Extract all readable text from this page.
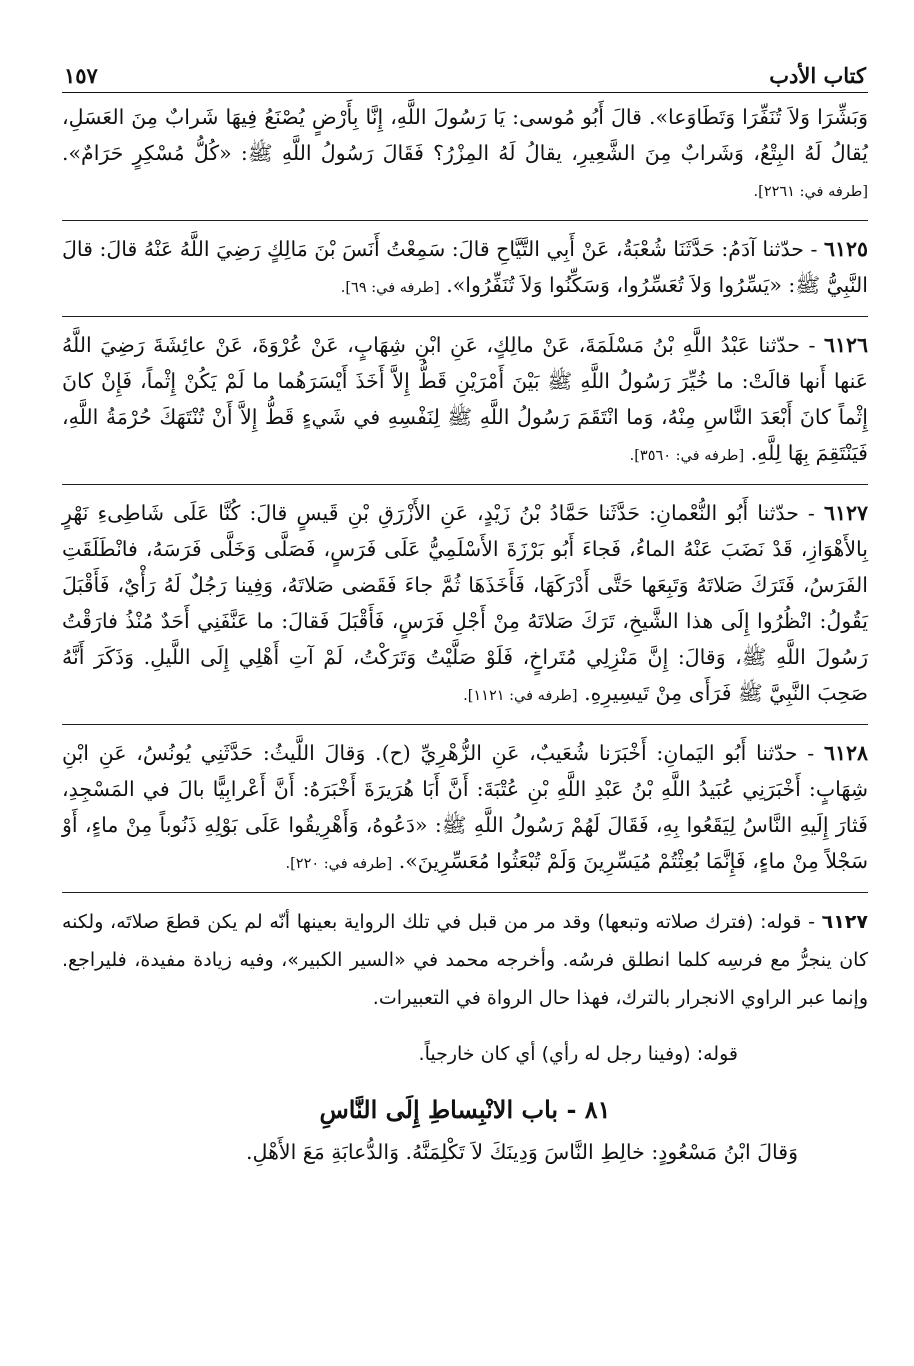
كتاب الأدب
١٥٧

وَبَشِّرَا وَلاَ تُنَفِّرَا وَتَطَاوَعا». قالَ أَبُو مُوسى: يَا رَسُولَ اللَّهِ، إِنَّا بِأَرْضٍ يُصْنَعُ فِيهَا شَرابٌ مِنَ العَسَلِ، يُقالُ لَهُ البِتْعُ، وَشَرابٌ مِنَ الشَّعِيرِ، يقالُ لَهُ المِزْرُ؟ فَقَالَ رَسُولُ اللَّهِ ﷺ: «كُلُّ مُسْكِرٍ حَرَامٌ». [طرفه في: ٢٢٦١].

٦١٢٥ - حدّثنا آدَمُ: حَدَّثَنَا شُعْبَةُ، عَنْ أَبِي التَّيَّاحِ قالَ: سَمِعْتُ أَنَسَ بْنَ مَالِكٍ رَضِيَ اللَّهُ عَنْهُ قالَ: قالَ النَّبِيُّ ﷺ: «يَسِّرُوا وَلاَ تُعَسِّرُوا، وَسَكِّنُوا وَلاَ تُنَفِّرُوا». [طرفه في: ٦٩].

٦١٢٦ - حدّثنا عَبْدُ اللَّهِ بْنُ مَسْلَمَةَ، عَنْ مالِكٍ، عَنِ ابْنِ شِهَابٍ، عَنْ عُرْوَةَ، عَنْ عائِشَةَ رَضِيَ اللَّهُ عَنها أَنها قالَتْ: ما خُيِّرَ رَسُولُ اللَّهِ ﷺ بَيْنَ أَمْرَيْنِ قَطُّ إِلاَّ أَخَذَ أَيْسَرَهُما ما لَمْ يَكُنْ إِثْماً، فَإِنْ كانَ إِثْماً كانَ أَبْعَدَ النَّاسِ مِنْهُ، وَما انْتَقَمَ رَسُولُ اللَّهِ ﷺ لِنَفْسِهِ في شَيءٍ قَطُّ إِلاَّ أَنْ تُنْتَهَكَ حُرْمَةُ اللَّهِ، فَيَنْتَقِمَ بِهَا لِلَّهِ. [طرفه في: ٣٥٦٠].

٦١٢٧ - حدّثنا أَبُو النُّعْمانِ: حَدَّثَنا حَمَّادُ بْنُ زَيْدٍ، عَنِ الأَزْرَقِ بْنِ قَيسٍ قالَ: كُنَّا عَلَى شَاطِىءِ نَهْرٍ بِالأَهْوَازِ، قَدْ نَضَبَ عَنْهُ الماءُ، فَجاءَ أَبُو بَرْزَةَ الأَسْلَمِيُّ عَلَى فَرَسٍ، فَصَلَّى وَخَلَّى فَرَسَهُ، فانْطَلَقَتِ الفَرَسُ، فَتَرَكَ صَلاتَهُ وَتَبِعَها حَتَّى أَدْرَكَهَا، فَأَخَذَهَا ثُمَّ جاءَ فَقَضى صَلاتَهُ، وَفِينا رَجُلٌ لَهُ رَأْيٌ، فَأَقْبَلَ يَقُولُ: انْظُرُوا إِلَى هذا الشَّيخِ، تَرَكَ صَلاتَهُ مِنْ أَجْلِ فَرَسٍ، فَأَقْبَلَ فَقالَ: ما عَنَّفَنِي أَحَدٌ مُنْذُ فارَقْتُ رَسُولَ اللَّهِ ﷺ، وَقالَ: إِنَّ مَنْزِلِي مُتَراخٍ، فَلَوْ صَلَّيْتُ وَتَرَكْتُ، لَمْ آتِ أَهْلِي إِلَى اللَّيلِ. وَذَكَرَ أَنَّهُ صَحِبَ النَّبِيَّ ﷺ فَرَأَى مِنْ تَيسِيرِهِ. [طرفه في: ١١٢١].

٦١٢٨ - حدّثنا أَبُو اليَمانِ: أَخْبَرَنا شُعَيبٌ، عَنِ الزُّهْرِيِّ (ح). وَقالَ اللَّيثُ: حَدَّثَنِي يُونُسُ، عَنِ ابْنِ شِهَابٍ: أَخْبَرَنِي عُبَيدُ اللَّهِ بْنُ عَبْدِ اللَّهِ بْنِ عُتْبَةَ: أَنَّ أَبَا هُرَيرَةَ أَخْبَرَهُ: أَنَّ أَعْرابِيًّا بالَ في المَسْجِدِ، فَثارَ إِلَيهِ النَّاسُ لِيَقَعُوا بِهِ، فَقَالَ لَهُمْ رَسُولُ اللَّهِ ﷺ: «دَعُوهُ، وَأَهْرِيقُوا عَلَى بَوْلِهِ ذَنُوباً مِنْ ماءٍ، أَوْ سَجْلاً مِنْ ماءٍ، فَإِنَّمَا بُعِثْتُمْ مُيَسِّرِينَ وَلَمْ تُبْعَثُوا مُعَسِّرِينَ». [طرفه في: ٢٢٠].

٦١٢٧ - قوله: (فترك صلاته وتبعها) وقد مر من قبل في تلك الرواية بعينها أنّه لم يكن قطعَ صلاتَه، ولكنه كان ينجرُّ مع فرسِه كلما انطلق فرسُه. وأخرجه محمد في «السير الكبير»، وفيه زيادة مفيدة، فليراجع. وإنما عبر الراوي الانجرار بالترك، فهذا حال الرواة في التعبيرات.

قوله: (وفينا رجل له رأي) أي كان خارجياً.

٨١ - باب الانْبِساطِ إِلَى النَّاسِ

وَقالَ ابْنُ مَسْعُودٍ: خالِطِ النَّاسَ وَدِينَكَ لاَ تَكْلِمَنَّهُ. وَالدُّعابَةِ مَعَ الأَهْلِ.
